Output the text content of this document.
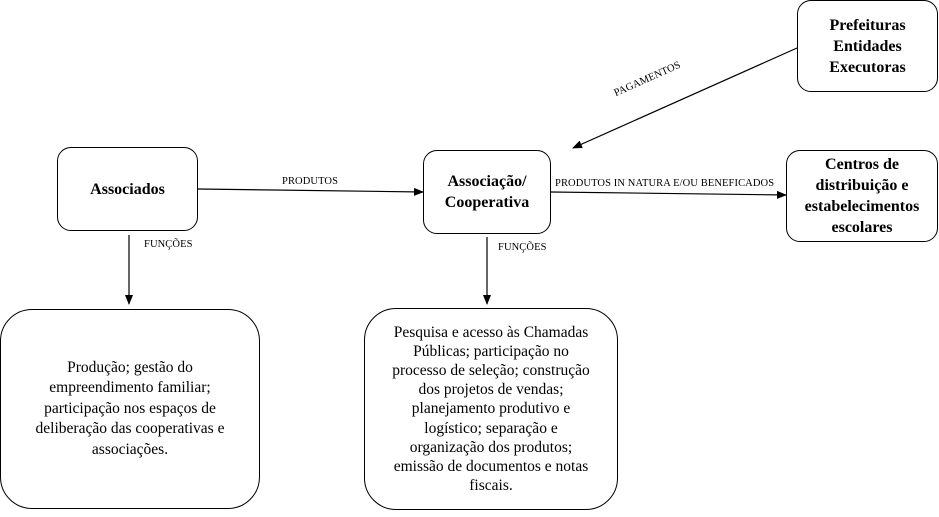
Associados	Associação/
Cooperativa
Prefeituras
Entidades
Executoras
Centros de
distribuição e
estabelecimentos
escolares
Produção; gestão do
empreendimento familiar;
participação nos espaços de
deliberação das cooperativas e
associações.
Pesquisa e acesso às Chamadas
Públicas; participação no
processo de seleção; construção
dos projetos de vendas;
planejamento produtivo e
logístico; separação e
organização dos produtos;
emissão de documentos e notas
fiscais.
PRODUTOS	PRODUTOS IN NATURA E/OU BENEFICADOS
PAGAMENTOS
FUNÇÕES	FUNÇÕES
